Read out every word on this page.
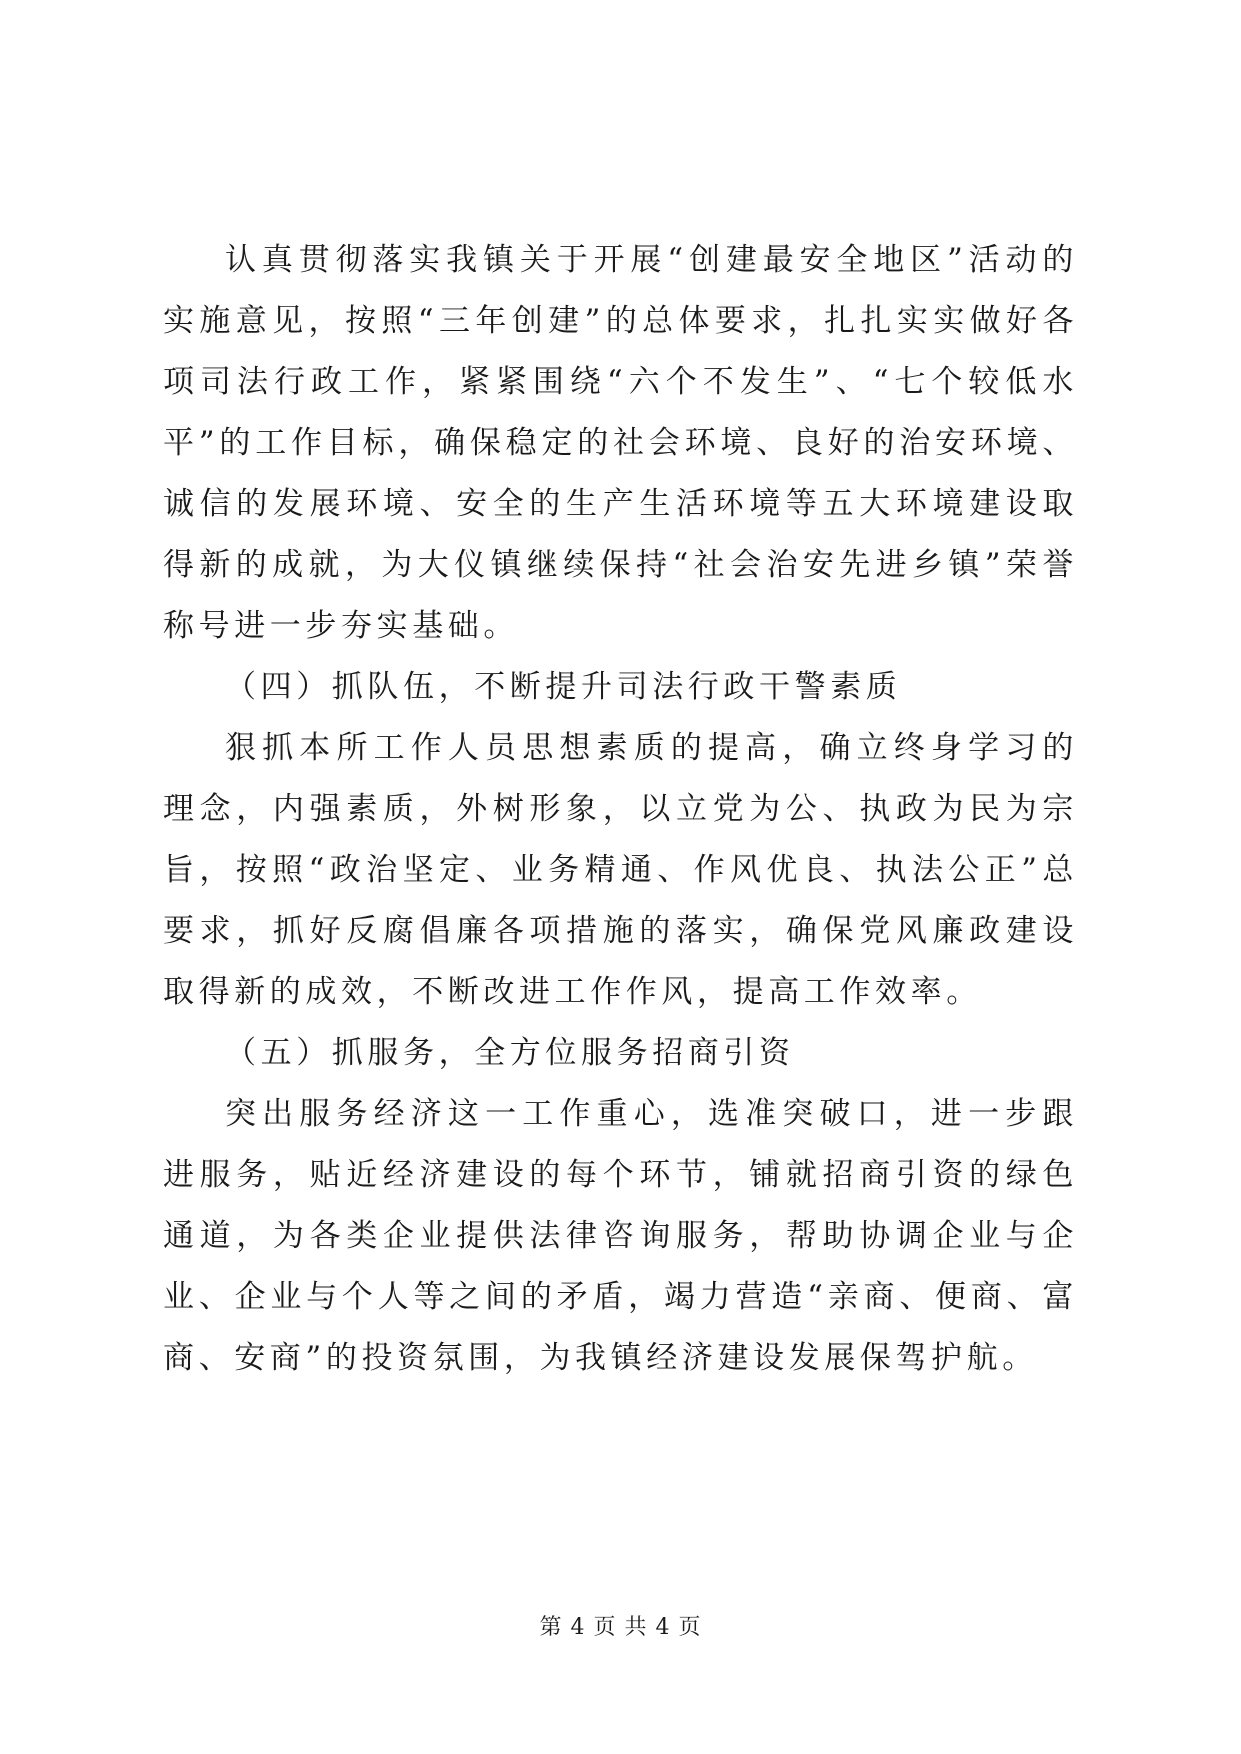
认真贯彻落实我镇关于开展“创建最安全地区”活动的实施意见，按照“三年创建”的总体要求，扎扎实实做好各项司法行政工作，紧紧围绕“六个不发生”、“七个较低水平”的工作目标，确保稳定的社会环境、良好的治安环境、诚信的发展环境、安全的生产生活环境等五大环境建设取得新的成就，为大仪镇继续保持“社会治安先进乡镇”荣誉称号进一步夯实基础。

（四）抓队伍，不断提升司法行政干警素质

狠抓本所工作人员思想素质的提高，确立终身学习的理念，内强素质，外树形象，以立党为公、执政为民为宗旨，按照“政治坚定、业务精通、作风优良、执法公正”总要求，抓好反腐倡廉各项措施的落实，确保党风廉政建设取得新的成效，不断改进工作作风，提高工作效率。

（五）抓服务，全方位服务招商引资

突出服务经济这一工作重心，选准突破口，进一步跟进服务，贴近经济建设的每个环节，铺就招商引资的绿色通道，为各类企业提供法律咨询服务，帮助协调企业与企业、企业与个人等之间的矛盾，竭力营造“亲商、便商、富商、安商”的投资氛围，为我镇经济建设发展保驾护航。

第 4 页 共 4 页
